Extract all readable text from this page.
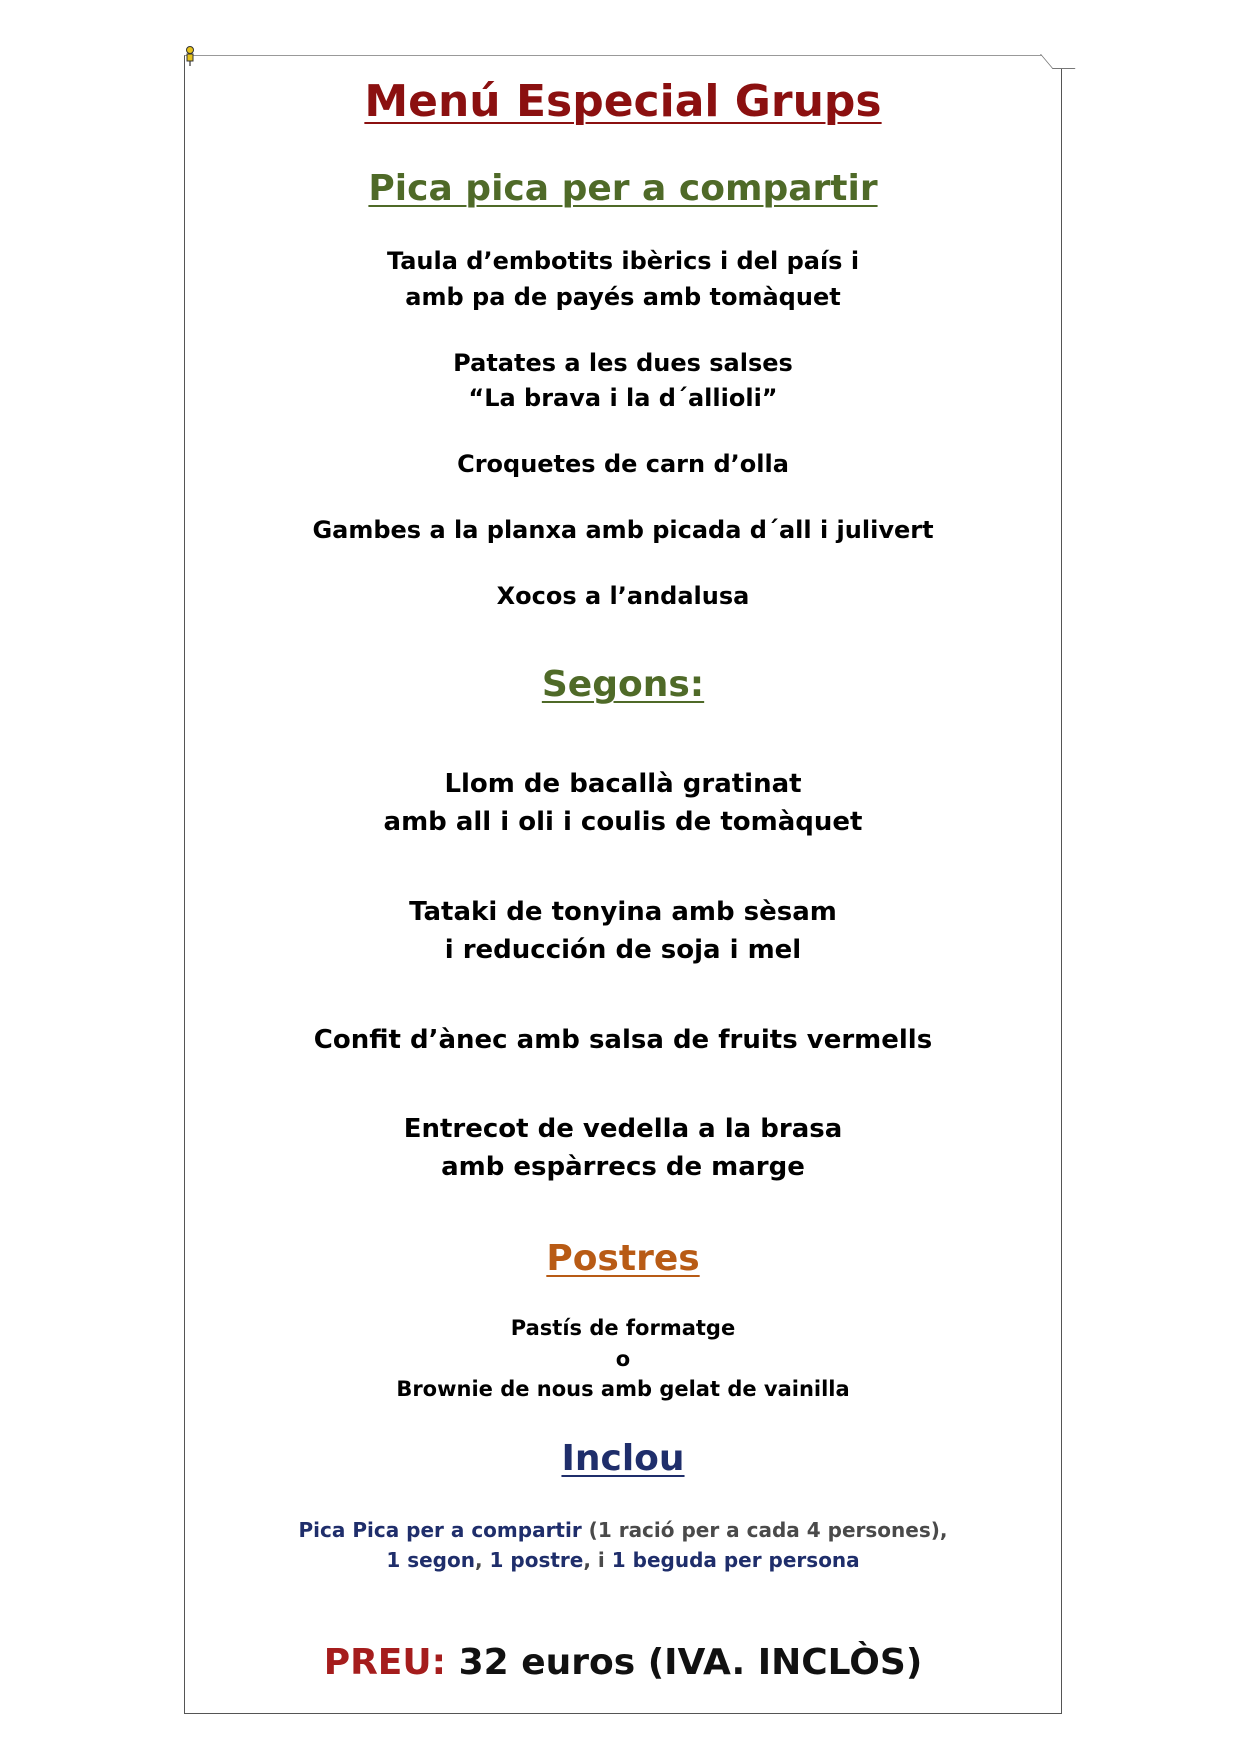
Menú Especial Grups
Pica pica per a compartir
Taula d’embotits ibèrics i del país i
amb pa de payés amb tomàquet
Patates a les dues salses
“La brava i la d´allioli”
Croquetes de carn d’olla
Gambes a la planxa amb picada d´all i julivert
Xocos a l’andalusa
Segons:
Llom de bacallà gratinat
amb all i oli i coulis de tomàquet
Tataki de tonyina amb sèsam
i reducción de soja i mel
Confit d’ànec amb salsa de fruits vermells
Entrecot de vedella a la brasa
amb espàrrecs de marge
Postres
Pastís de formatge
o
Brownie de nous amb gelat de vainilla
Inclou
Pica Pica per a compartir (1 ració per a cada 4 persones),
1 segon, 1 postre, i 1 beguda per persona
PREU: 32 euros (IVA. INCLÒS)
